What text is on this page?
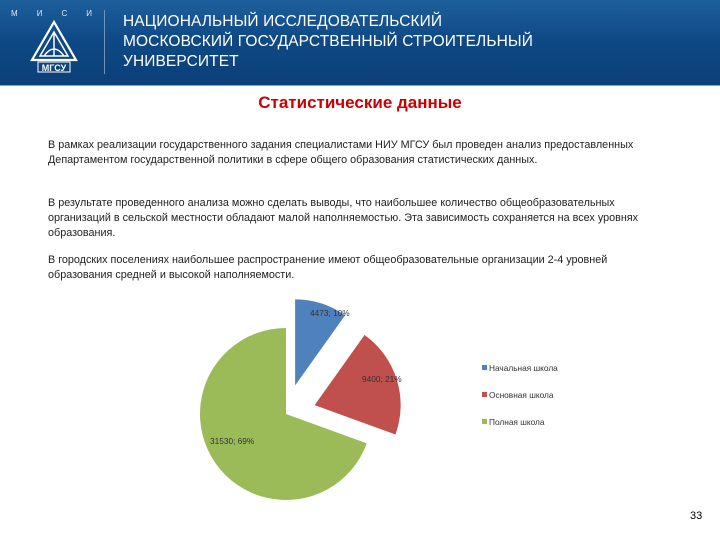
М И С И
МГСУ
НАЦИОНАЛЬНЫЙ ИССЛЕДОВАТЕЛЬСКИЙ
МОСКОВСКИЙ ГОСУДАРСТВЕННЫЙ СТРОИТЕЛЬНЫЙ
УНИВЕРСИТЕТ
Статистические данные
В рамках реализации государственного задания специалистами НИУ МГСУ был проведен анализ предоставленных Департаментом государственной политики в сфере общего образования статистических данных.
В результате проведенного анализа можно сделать выводы, что наибольшее количество общеобразовательных организаций в сельской местности обладают малой наполняемостью. Эта зависимость сохраняется на всех уровнях образования.
В городских поселениях наибольшее распространение имеют общеобразовательные организации 2-4 уровней образования средней и высокой наполняемости.
4473; 10%
9400; 21%
31530; 69%
Начальная школа
Основная школа
Полная школа
33
